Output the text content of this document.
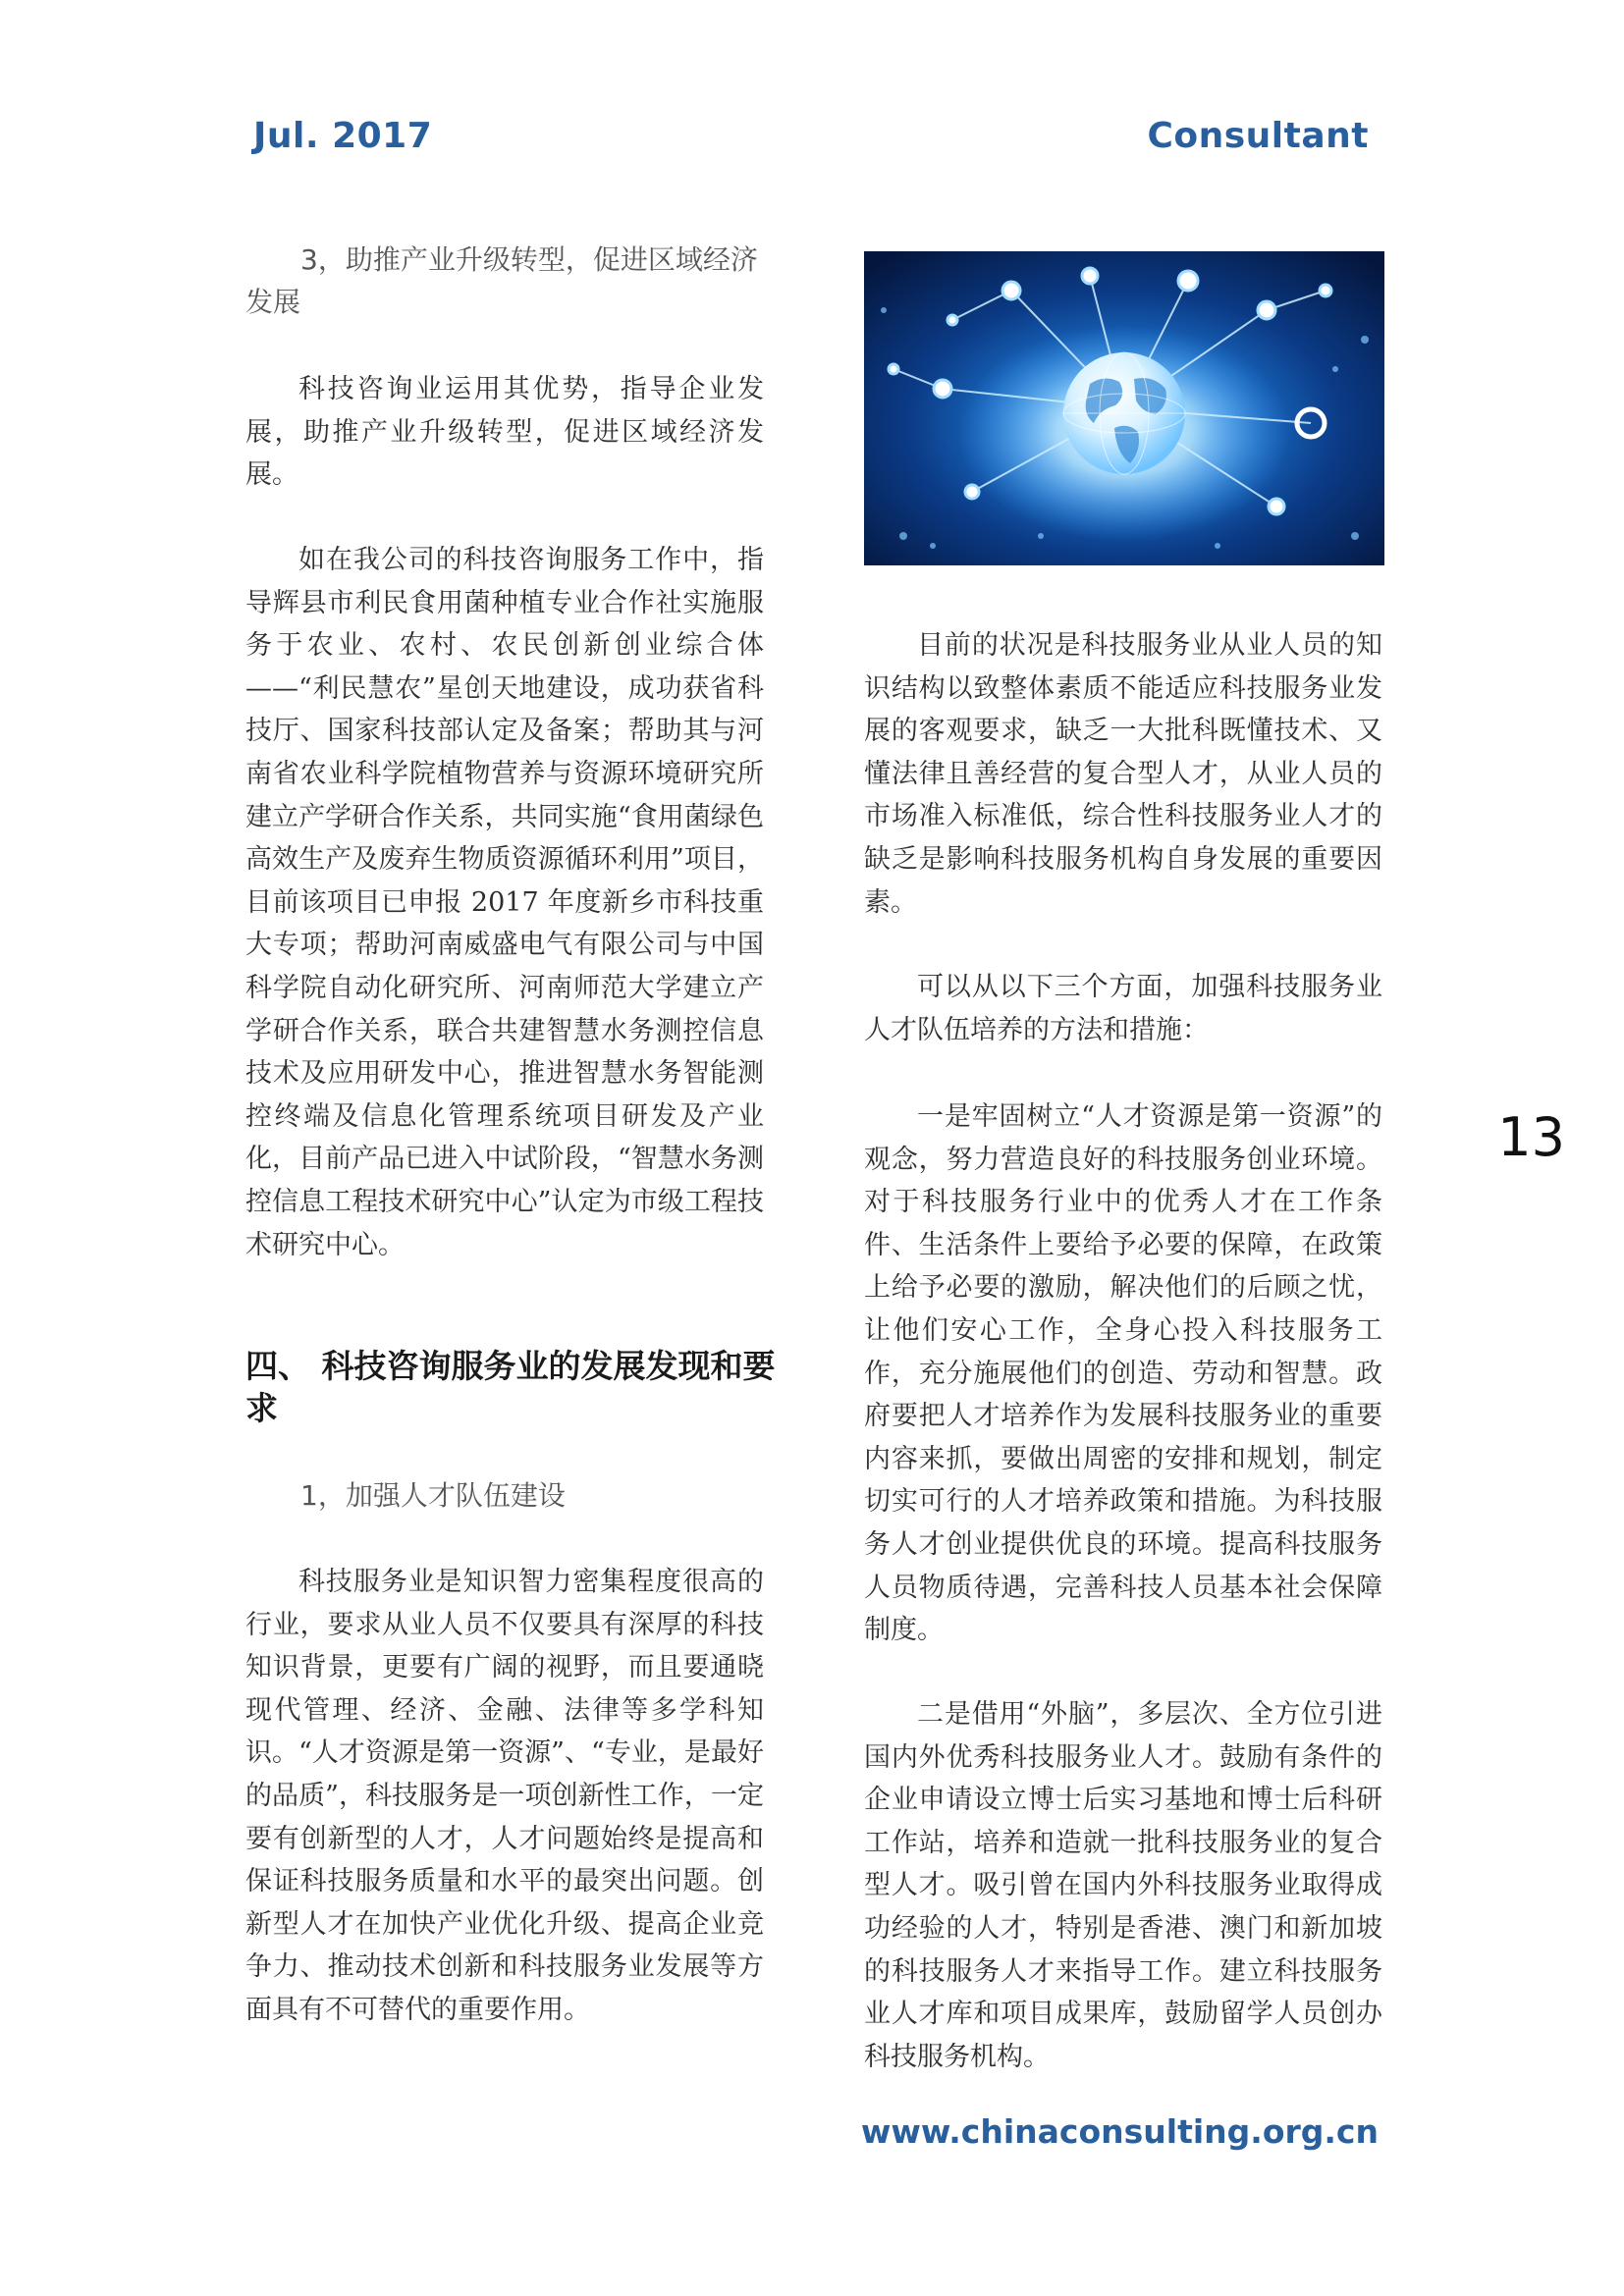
Jul. 2017	Consultant
3，助推产业升级转型，促进区域经济发展

科技咨询业运用其优势，指导企业发展，助推产业升级转型，促进区域经济发展。

如在我公司的科技咨询服务工作中，指导辉县市利民食用菌种植专业合作社实施服务于农业、农村、农民创新创业综合体——“利民慧农”星创天地建设，成功获省科技厅、国家科技部认定及备案；帮助其与河南省农业科学院植物营养与资源环境研究所建立产学研合作关系，共同实施“食用菌绿色高效生产及废弃生物质资源循环利用”项目，目前该项目已申报 2017 年度新乡市科技重大专项；帮助河南威盛电气有限公司与中国科学院自动化研究所、河南师范大学建立产学研合作关系，联合共建智慧水务测控信息技术及应用研发中心，推进智慧水务智能测控终端及信息化管理系统项目研发及产业化，目前产品已进入中试阶段，“智慧水务测控信息工程技术研究中心”认定为市级工程技术研究中心。

四、 科技咨询服务业的发展发现和要求
1，加强人才队伍建设

科技服务业是知识智力密集程度很高的行业，要求从业人员不仅要具有深厚的科技知识背景，更要有广阔的视野，而且要通晓现代管理、经济、金融、法律等多学科知识。“人才资源是第一资源”、“专业，是最好的品质”，科技服务是一项创新性工作，一定要有创新型的人才，人才问题始终是提高和保证科技服务质量和水平的最突出问题。创新型人才在加快产业优化升级、提高企业竞争力、推动技术创新和科技服务业发展等方面具有不可替代的重要作用。

目前的状况是科技服务业从业人员的知识结构以致整体素质不能适应科技服务业发展的客观要求，缺乏一大批科既懂技术、又懂法律且善经营的复合型人才，从业人员的市场准入标准低，综合性科技服务业人才的缺乏是影响科技服务机构自身发展的重要因素。

可以从以下三个方面，加强科技服务业人才队伍培养的方法和措施：

一是牢固树立“人才资源是第一资源”的观念，努力营造良好的科技服务创业环境。对于科技服务行业中的优秀人才在工作条件、生活条件上要给予必要的保障，在政策上给予必要的激励，解决他们的后顾之忧，让他们安心工作，全身心投入科技服务工作，充分施展他们的创造、劳动和智慧。政府要把人才培养作为发展科技服务业的重要内容来抓，要做出周密的安排和规划，制定切实可行的人才培养政策和措施。为科技服务人才创业提供优良的环境。提高科技服务人员物质待遇，完善科技人员基本社会保障制度。

二是借用“外脑”，多层次、全方位引进国内外优秀科技服务业人才。鼓励有条件的企业申请设立博士后实习基地和博士后科研工作站，培养和造就一批科技服务业的复合型人才。吸引曾在国内外科技服务业取得成功经验的人才，特别是香港、澳门和新加坡的科技服务人才来指导工作。建立科技服务业人才库和项目成果库，鼓励留学人员创办科技服务机构。

13
www.chinaconsulting.org.cn
